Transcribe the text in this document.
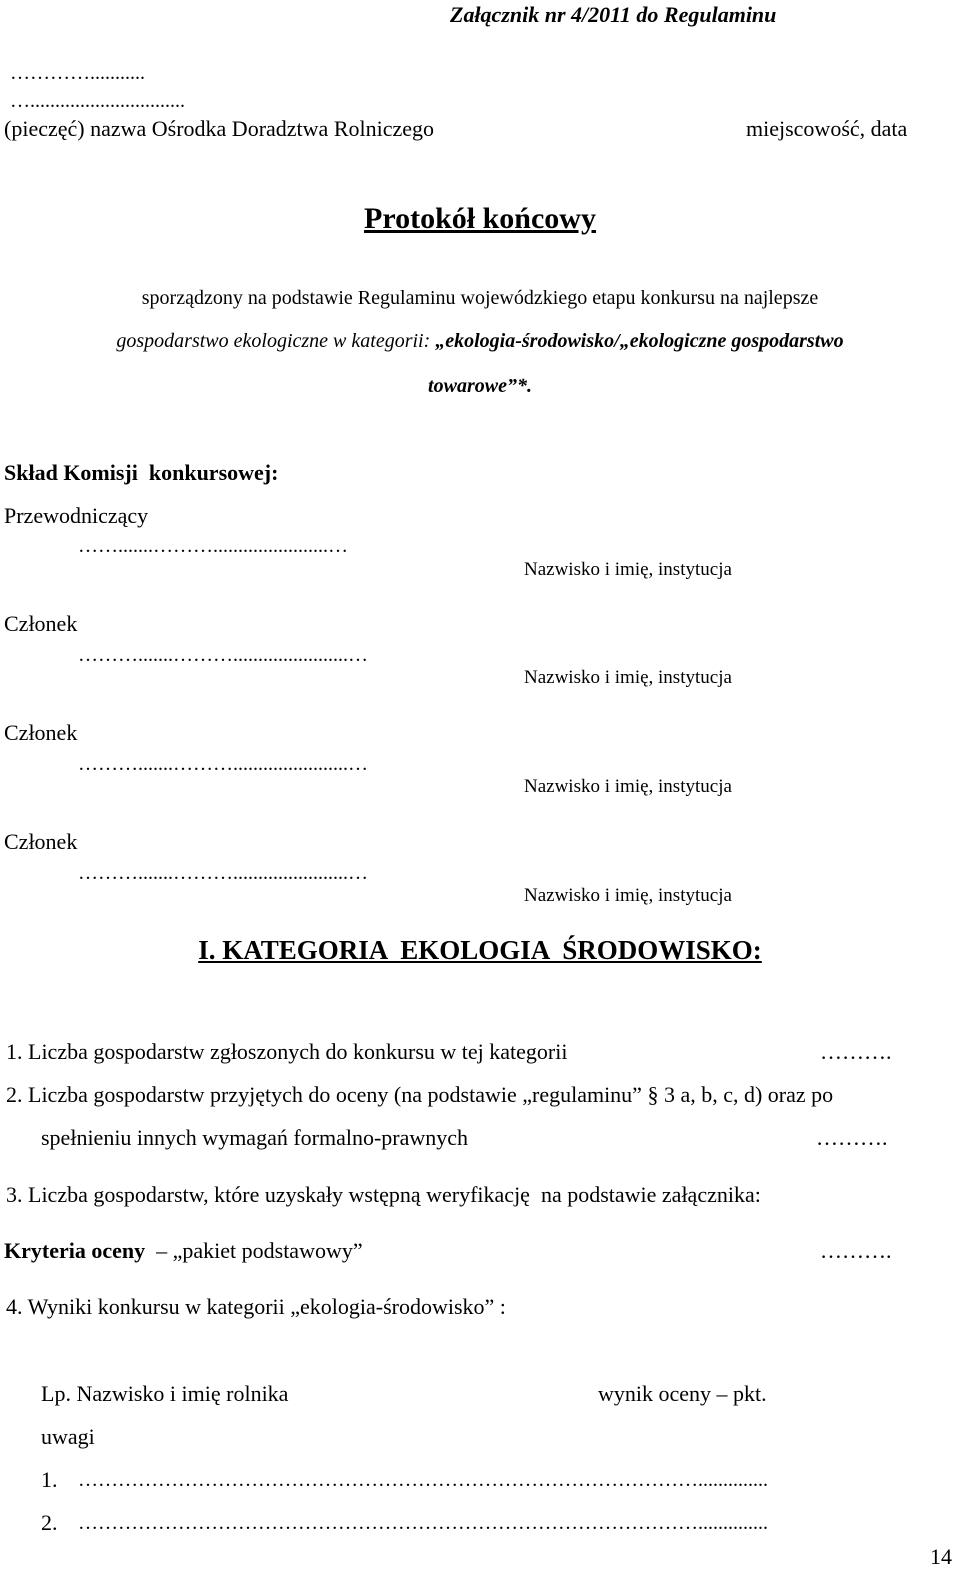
Załącznik nr 4/2011 do Regulaminu
…………...........
…...............................
(pieczęć) nazwa Ośrodka Doradztwa Rolniczego	miejscowość, data
Protokół końcowy
sporządzony na podstawie Regulaminu wojewódzkiego etapu konkursu na najlepsze
gospodarstwo ekologiczne w kategorii: „ekologia-środowisko/„ekologiczne gospodarstwo
towarowe”*.
Skład Komisji  konkursowej:
Przewodniczący
…….......……….......................…
Nazwisko i imię, instytucja
Członek
……….......……….......................…
Nazwisko i imię, instytucja
Członek
……….......……….......................…
Nazwisko i imię, instytucja
Członek
……….......……….......................…
Nazwisko i imię, instytucja
I. KATEGORIA  EKOLOGIA  ŚRODOWISKO:
1. Liczba gospodarstw zgłoszonych do konkursu w tej kategorii	……….
2. Liczba gospodarstw przyjętych do oceny (na podstawie „regulaminu” § 3 a, b, c, d) oraz po
spełnieniu innych wymagań formalno-prawnych	……….
3. Liczba gospodarstw, które uzyskały wstępną weryfikację  na podstawie załącznika:
Kryteria oceny  – „pakiet podstawowy”	……….
4. Wyniki konkursu w kategorii „ekologia-środowisko” :
Lp. Nazwisko i imię rolnika	wynik oceny – pkt.
uwagi
1. …………………………………………………………………………………..............
2. …………………………………………………………………………………..............
14
